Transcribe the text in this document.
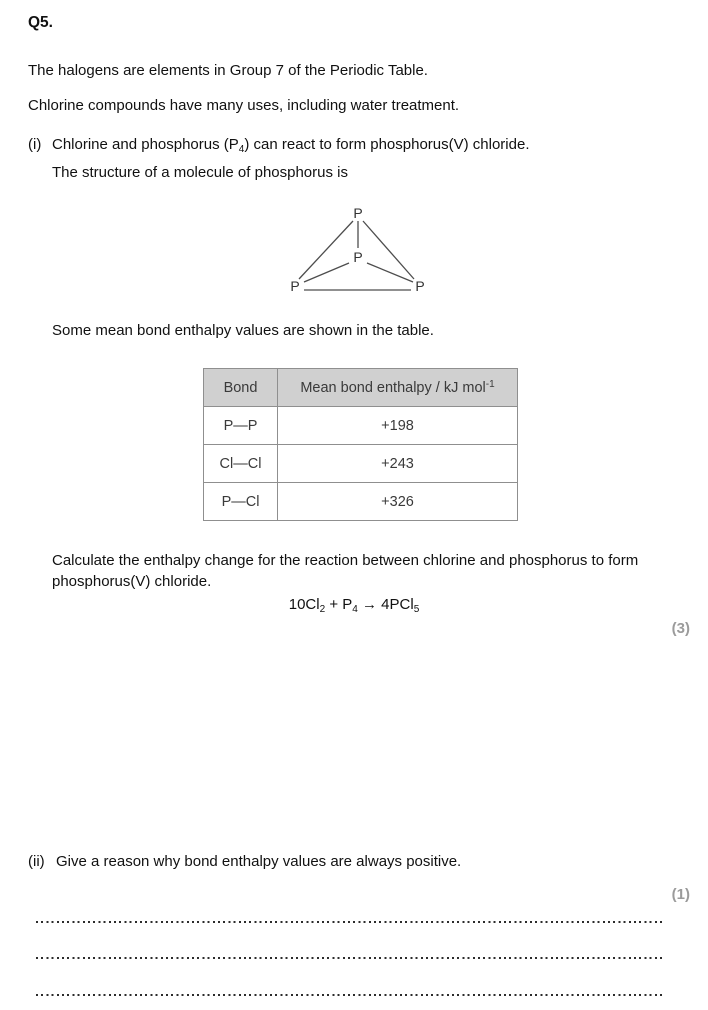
Q5.
The halogens are elements in Group 7 of the Periodic Table.
Chlorine compounds have many uses, including water treatment.
(i) Chlorine and phosphorus $(P_4)$ can react to form phosphorus(V) chloride.
The structure of a molecule of phosphorus is
P
P
P	P
Some mean bond enthalpy values are shown in the table.
Bond	Mean bond enthalpy / kJ mol$^{-1}$
P—P	+198
Cl—Cl	+243
P—Cl	+326
Calculate the enthalpy change for the reaction between chlorine and phosphorus to form
phosphorus(V) chloride.
$10Cl_2 + P_4 \to 4PCl_5$
(3)
(ii) Give a reason why bond enthalpy values are always positive.
(1)
